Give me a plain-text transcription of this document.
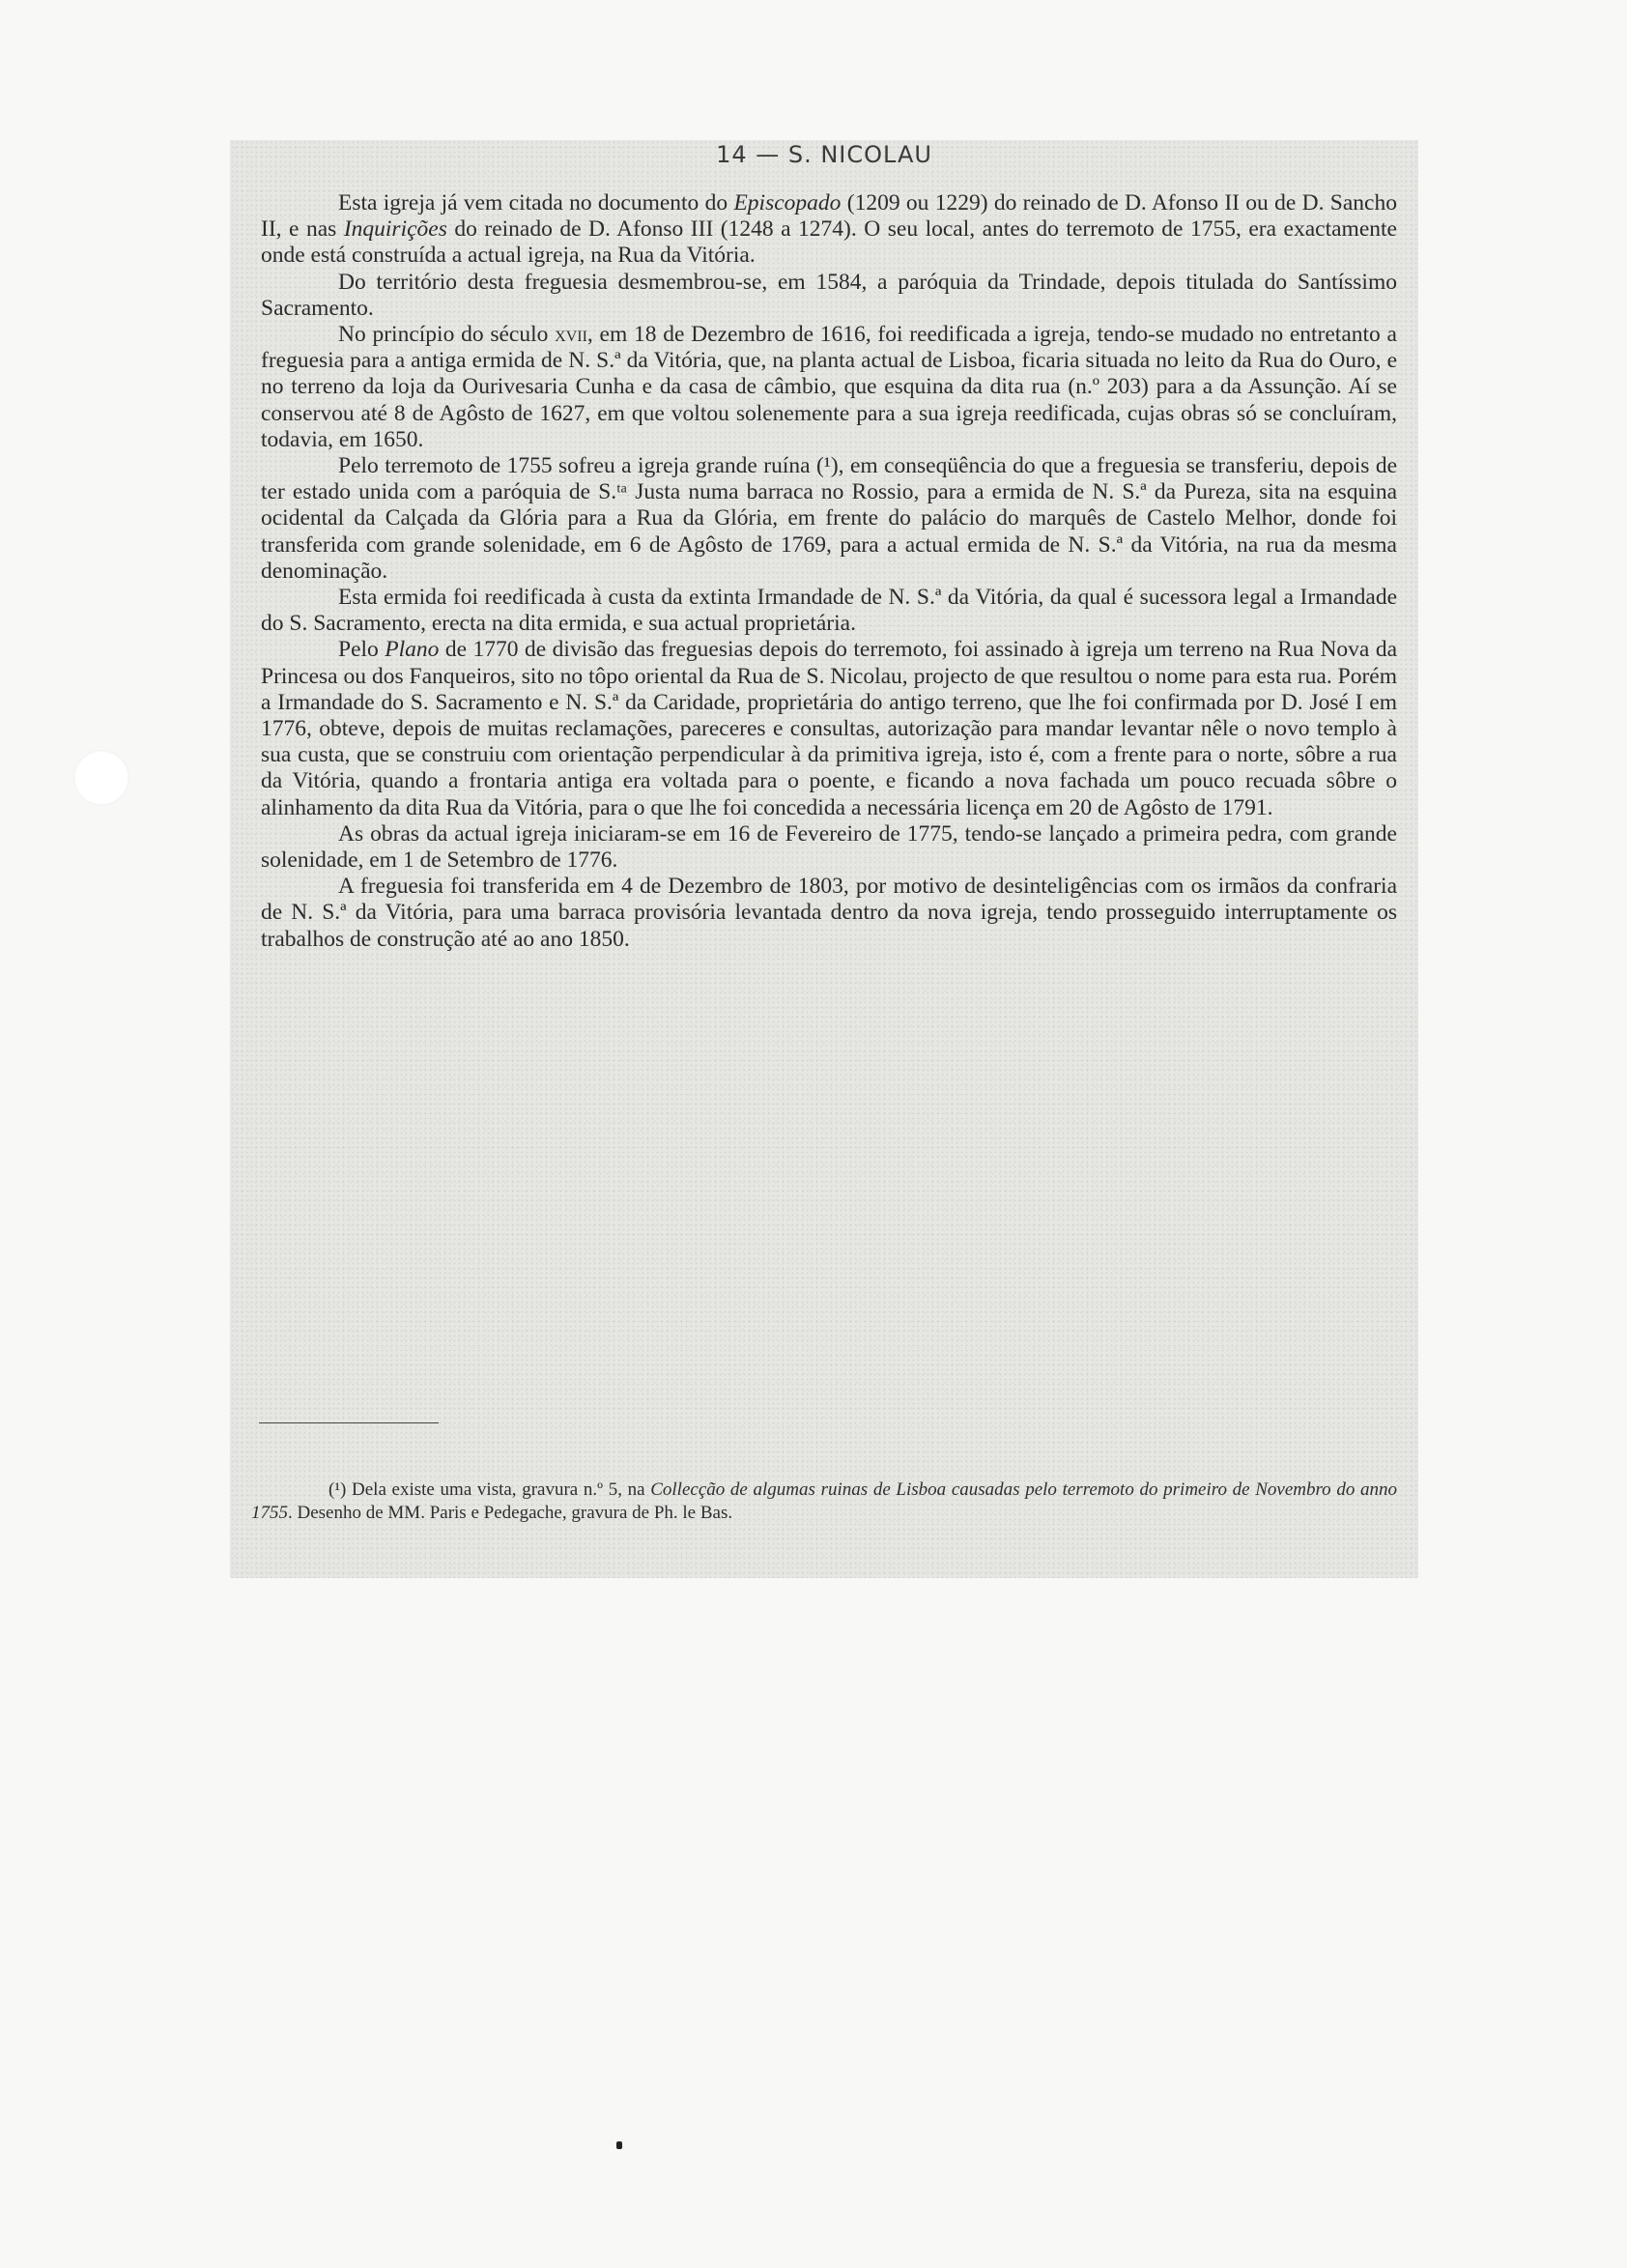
14 — S. NICOLAU

Esta igreja já vem citada no documento do Episcopado (1209 ou 1229) do reinado de D. Afonso II ou de D. Sancho II, e nas Inquirições do reinado de D. Afonso III (1248 a 1274). O seu local, antes do terremoto de 1755, era exactamente onde está construída a actual igreja, na Rua da Vitória.

Do território desta freguesia desmembrou-se, em 1584, a paróquia da Trindade, depois titulada do Santíssimo Sacramento.

No princípio do século xvii, em 18 de Dezembro de 1616, foi reedificada a igreja, tendo-se mudado no entretanto a freguesia para a antiga ermida de N. S.ª da Vitória, que, na planta actual de Lisboa, ficaria situada no leito da Rua do Ouro, e no terreno da loja da Ourivesaria Cunha e da casa de câmbio, que esquina da dita rua (n.º 203) para a da Assunção. Aí se conservou até 8 de Agôsto de 1627, em que voltou solenemente para a sua igreja reedificada, cujas obras só se concluíram, todavia, em 1650.

Pelo terremoto de 1755 sofreu a igreja grande ruína (¹), em conseqüência do que a freguesia se transferiu, depois de ter estado unida com a paróquia de S.ᵗᵃ Justa numa barraca no Rossio, para a ermida de N. S.ª da Pureza, sita na esquina ocidental da Calçada da Glória para a Rua da Glória, em frente do palácio do marquês de Castelo Melhor, donde foi transferida com grande solenidade, em 6 de Agôsto de 1769, para a actual ermida de N. S.ª da Vitória, na rua da mesma denominação.

Esta ermida foi reedificada à custa da extinta Irmandade de N. S.ª da Vitória, da qual é sucessora legal a Irmandade do S. Sacramento, erecta na dita ermida, e sua actual proprietária.

Pelo Plano de 1770 de divisão das freguesias depois do terremoto, foi assinado à igreja um terreno na Rua Nova da Princesa ou dos Fanqueiros, sito no tôpo oriental da Rua de S. Nicolau, projecto de que resultou o nome para esta rua. Porém a Irmandade do S. Sacramento e N. S.ª da Caridade, proprietária do antigo terreno, que lhe foi confirmada por D. José I em 1776, obteve, depois de muitas reclamações, pareceres e consultas, autorização para mandar levantar nêle o novo templo à sua custa, que se construiu com orientação perpendicular à da primitiva igreja, isto é, com a frente para o norte, sôbre a rua da Vitória, quando a frontaria antiga era voltada para o poente, e ficando a nova fachada um pouco recuada sôbre o alinhamento da dita Rua da Vitória, para o que lhe foi concedida a necessária licença em 20 de Agôsto de 1791.

As obras da actual igreja iniciaram-se em 16 de Fevereiro de 1775, tendo-se lançado a primeira pedra, com grande solenidade, em 1 de Setembro de 1776.

A freguesia foi transferida em 4 de Dezembro de 1803, por motivo de desinteligências com os irmãos da confraria de N. S.ª da Vitória, para uma barraca provisória levantada dentro da nova igreja, tendo prosseguido interruptamente os trabalhos de construção até ao ano 1850.

(¹) Dela existe uma vista, gravura n.º 5, na Collecção de algumas ruinas de Lisboa causadas pelo terremoto do primeiro de Novembro do anno 1755. Desenho de MM. Paris e Pedegache, gravura de Ph. le Bas.
